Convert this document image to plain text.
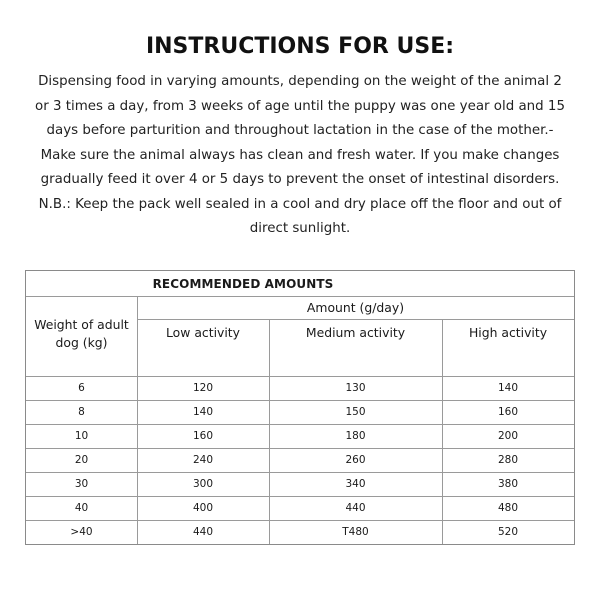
INSTRUCTIONS FOR USE:

Dispensing food in varying amounts, depending on the weight of the animal 2
or 3 times a day, from 3 weeks of age until the puppy was one year old and 15
days before parturition and throughout lactation in the case of the mother.-
Make sure the animal always has clean and fresh water. If you make changes
gradually feed it over 4 or 5 days to prevent the onset of intestinal disorders.
N.B.: Keep the pack well sealed in a cool and dry place off the floor and out of
direct sunlight.

RECOMMENDED AMOUNTS
Weight of adult dog (kg)
Amount (g/day)
Low activity	Medium activity	High activity
6	120	130	140
8	140	150	160
10	160	180	200
20	240	260	280
30	300	340	380
40	400	440	480
>40	440	T480	520
